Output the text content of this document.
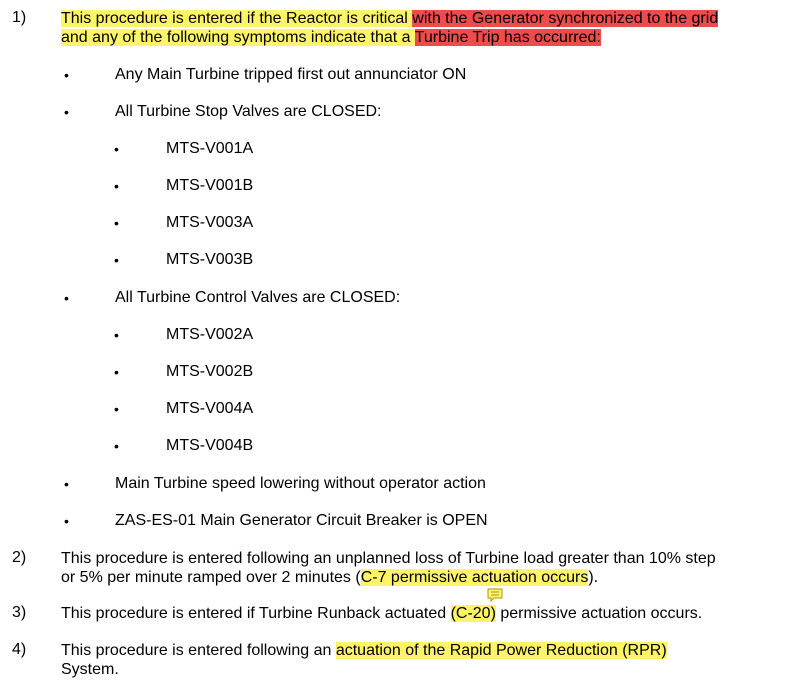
1) This procedure is entered if the Reactor is critical with the Generator synchronized to the grid
and any of the following symptoms indicate that a Turbine Trip has occurred:
•	Any Main Turbine tripped first out annunciator ON
•	All Turbine Stop Valves are CLOSED:
•	MTS-V001A
•	MTS-V001B
•	MTS-V003A
•	MTS-V003B
•	All Turbine Control Valves are CLOSED:
•	MTS-V002A
•	MTS-V002B
•	MTS-V004A
•	MTS-V004B
•	Main Turbine speed lowering without operator action
•	ZAS-ES-01 Main Generator Circuit Breaker is OPEN
2) This procedure is entered following an unplanned loss of Turbine load greater than 10% step
or 5% per minute ramped over 2 minutes (C-7 permissive actuation occurs).
3) This procedure is entered if Turbine Runback actuated (C-20) permissive actuation occurs.
4) This procedure is entered following an actuation of the Rapid Power Reduction (RPR)
System.
